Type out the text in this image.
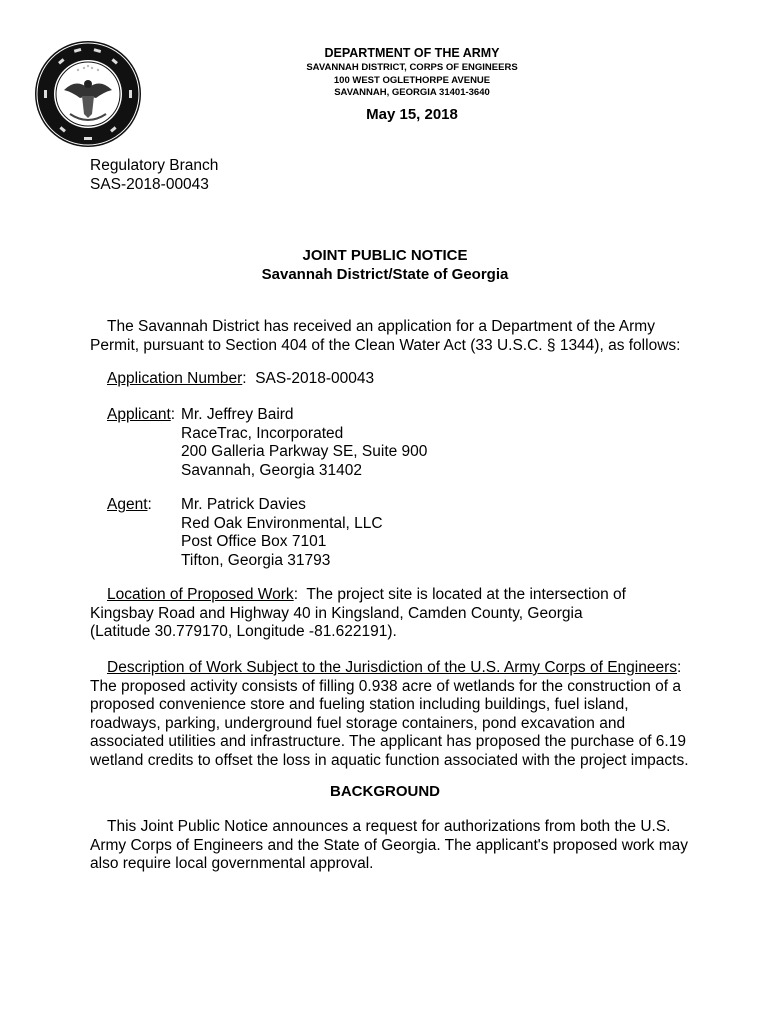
DEPARTMENT OF THE ARMY
SAVANNAH DISTRICT, CORPS OF ENGINEERS
100 WEST OGLETHORPE AVENUE
SAVANNAH, GEORGIA 31401-3640
May 15, 2018
Regulatory Branch
SAS-2018-00043
JOINT PUBLIC NOTICE
Savannah District/State of Georgia
The Savannah District has received an application for a Department of the Army
Permit, pursuant to Section 404 of the Clean Water Act (33 U.S.C. § 1344), as follows:
Application Number:  SAS-2018-00043
Applicant: Mr. Jeffrey Baird
RaceTrac, Incorporated
200 Galleria Parkway SE, Suite 900
Savannah, Georgia 31402
Agent: Mr. Patrick Davies
Red Oak Environmental, LLC
Post Office Box 7101
Tifton, Georgia 31793
Location of Proposed Work:  The project site is located at the intersection of
Kingsbay Road and Highway 40 in Kingsland, Camden County, Georgia
(Latitude 30.779170, Longitude -81.622191).
Description of Work Subject to the Jurisdiction of the U.S. Army Corps of Engineers:
The proposed activity consists of filling 0.938 acre of wetlands for the construction of a
proposed convenience store and fueling station including buildings, fuel island,
roadways, parking, underground fuel storage containers, pond excavation and
associated utilities and infrastructure. The applicant has proposed the purchase of 6.19
wetland credits to offset the loss in aquatic function associated with the project impacts.
BACKGROUND
This Joint Public Notice announces a request for authorizations from both the U.S.
Army Corps of Engineers and the State of Georgia. The applicant's proposed work may
also require local governmental approval.
